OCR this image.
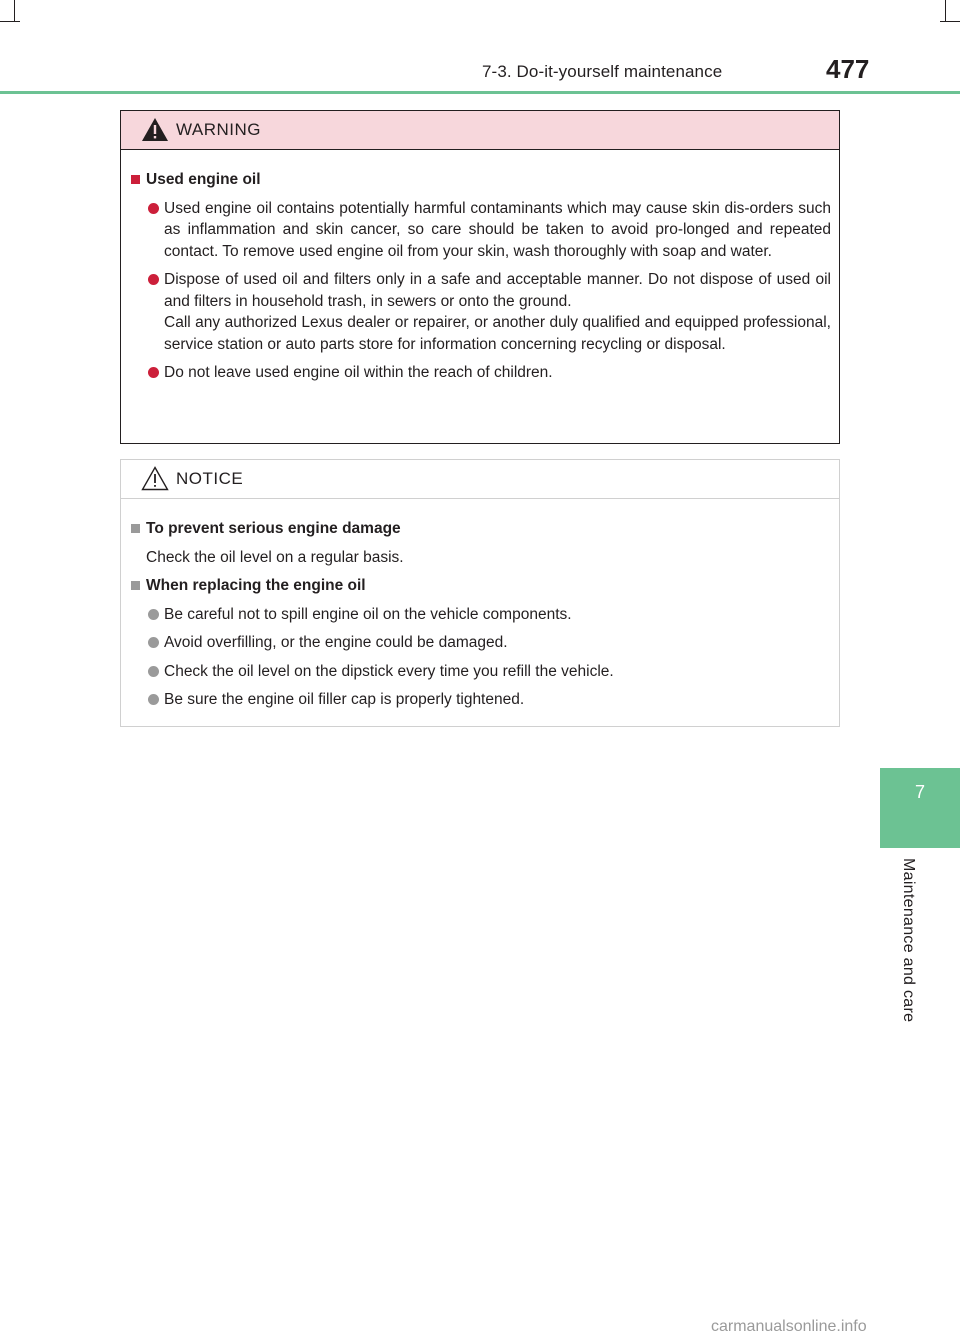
7-3. Do-it-yourself maintenance	477
7
Maintenance and care
WARNING
Used engine oil
Used engine oil contains potentially harmful contaminants which may cause skin dis-orders such as inflammation and skin cancer, so care should be taken to avoid pro-longed and repeated contact. To remove used engine oil from your skin, wash thoroughly with soap and water.
Dispose of used oil and filters only in a safe and acceptable manner. Do not dispose of used oil and filters in household trash, in sewers or onto the ground.
Call any authorized Lexus dealer or repairer, or another duly qualified and equipped professional, service station or auto parts store for information concerning recycling or disposal.
Do not leave used engine oil within the reach of children.
NOTICE
To prevent serious engine damage
Check the oil level on a regular basis.
When replacing the engine oil
Be careful not to spill engine oil on the vehicle components.
Avoid overfilling, or the engine could be damaged.
Check the oil level on the dipstick every time you refill the vehicle.
Be sure the engine oil filler cap is properly tightened.
carmanualsonline.info
